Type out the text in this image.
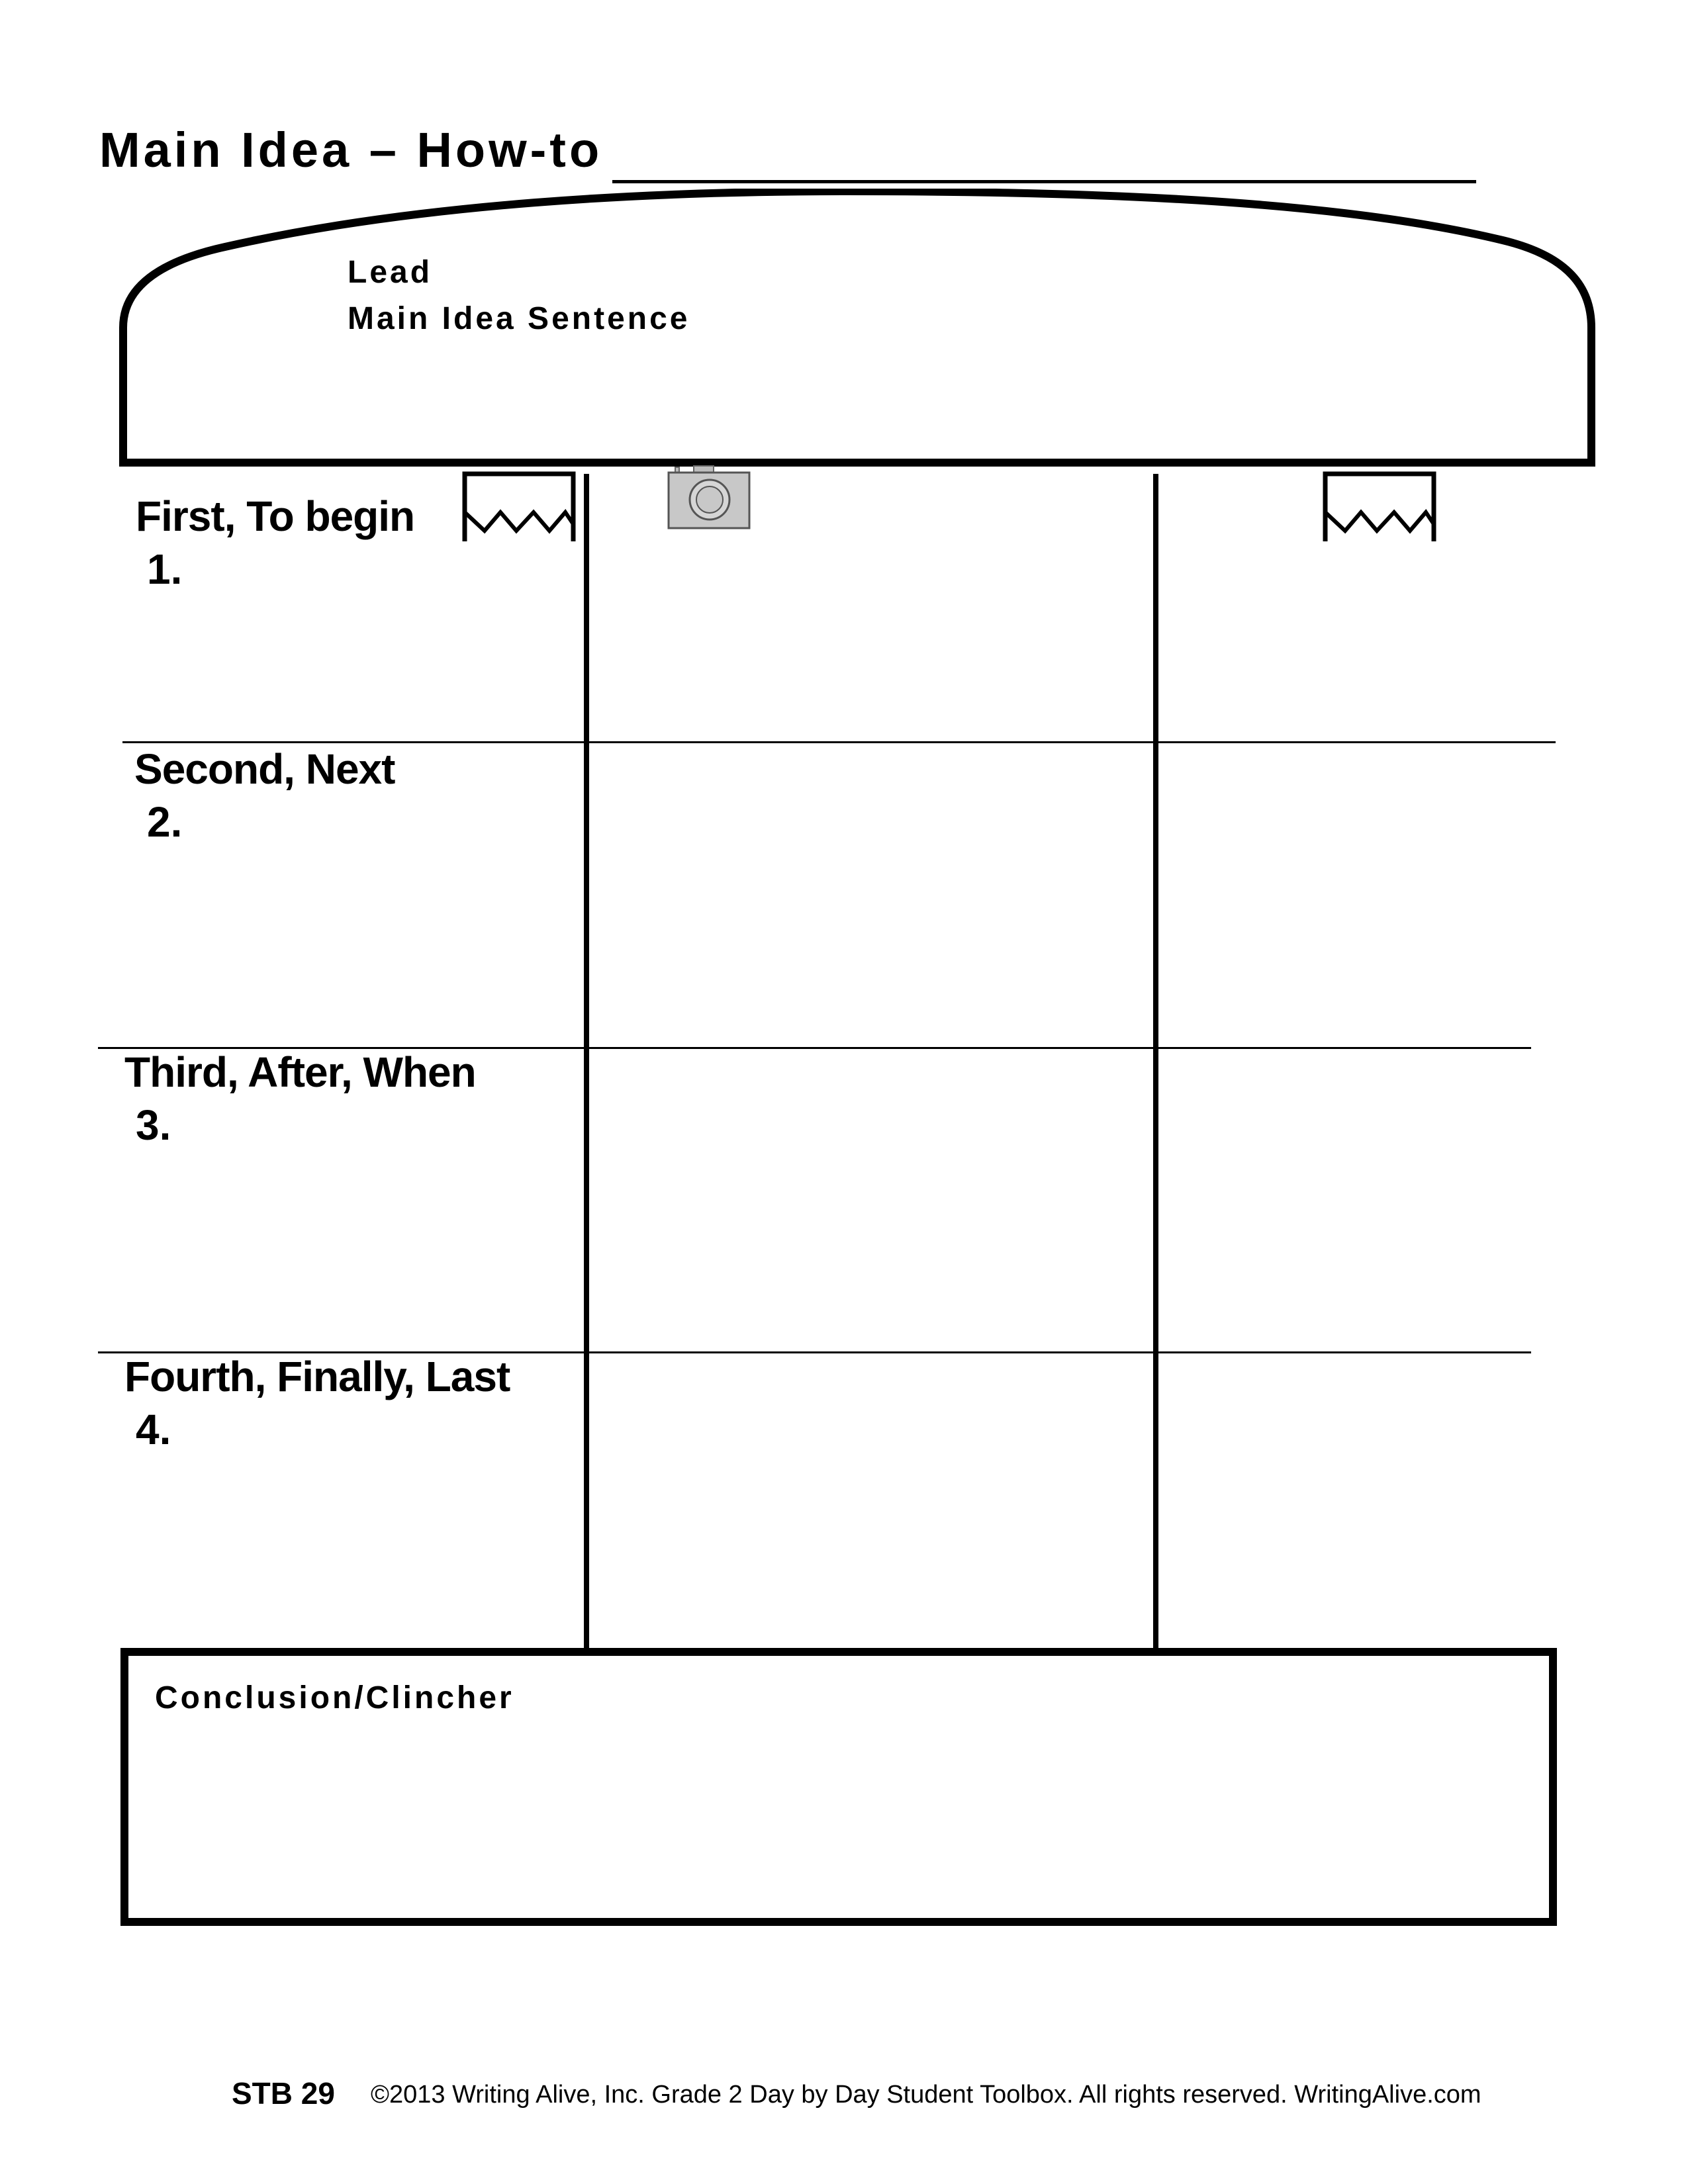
Main Idea – How-to
Lead
Main Idea Sentence
First, To begin
1.
Second, Next
2.
Third, After, When
3.
Fourth, Finally, Last
4.
Conclusion/Clincher
STB 29 ©2013 Writing Alive, Inc. Grade 2 Day by Day Student Toolbox. All rights reserved. WritingAlive.com
